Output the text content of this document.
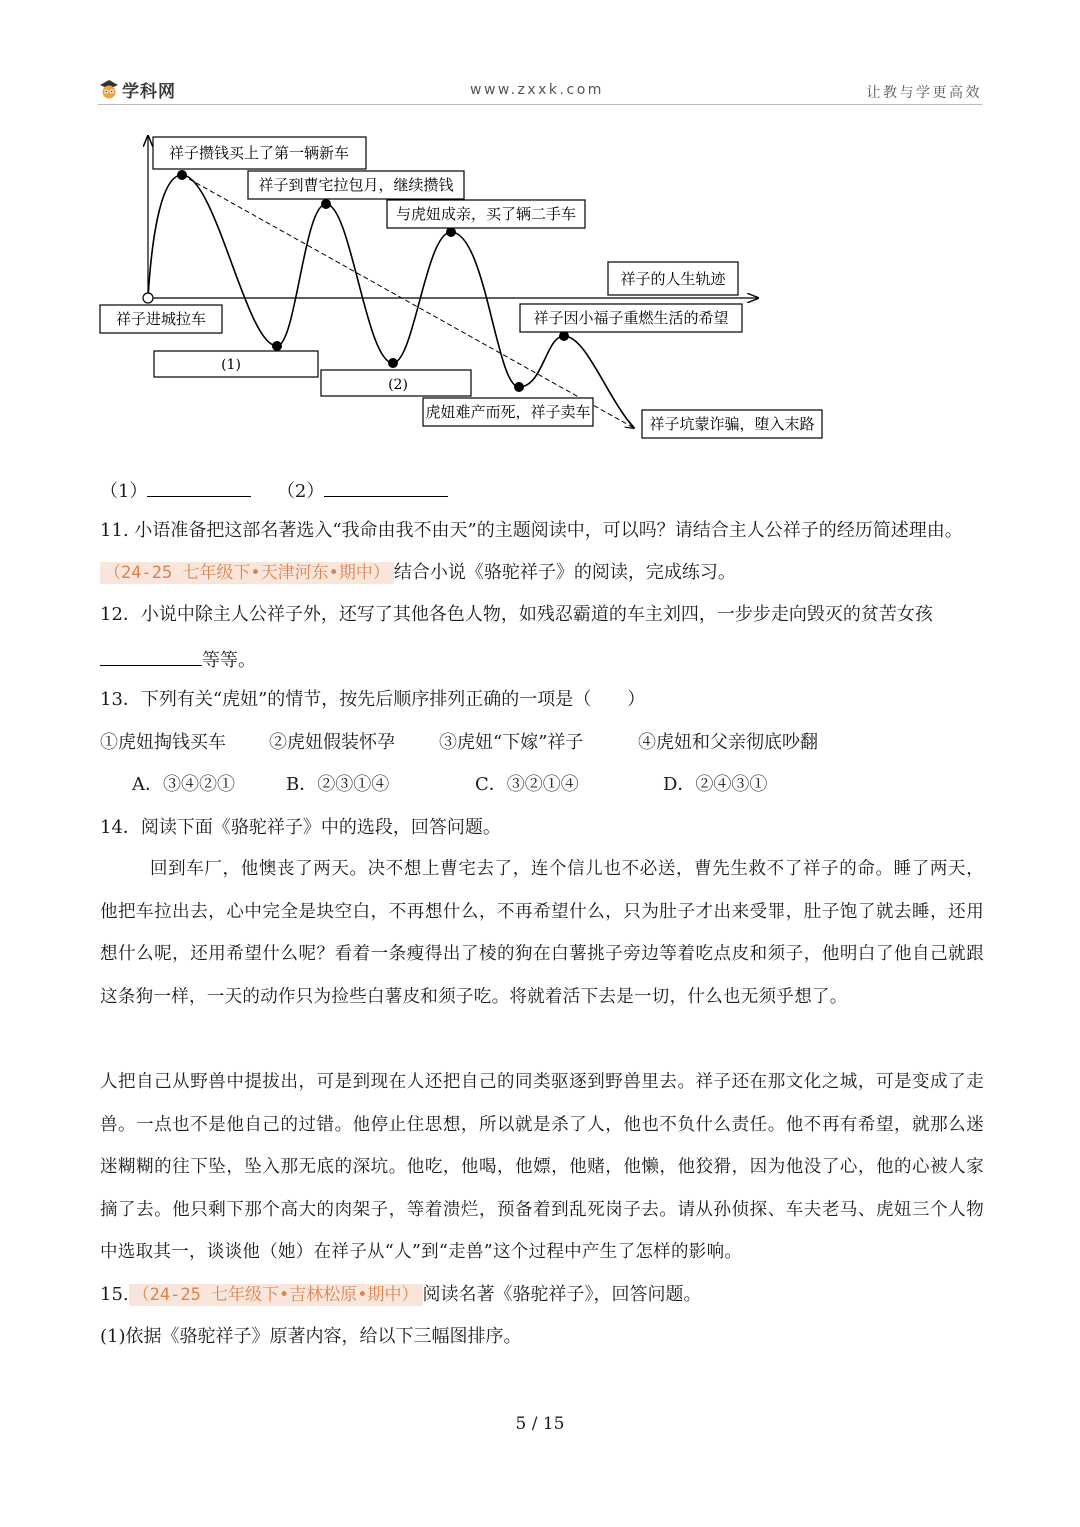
学科网	www.zxxk.com	让教与学更高效
祥子攒钱买上了第一辆新车
祥子到曹宅拉包月，继续攒钱
与虎妞成亲，买了辆二手车
祥子的人生轨迹
祥子进城拉车	祥子因小福子重燃生活的希望
(1)
(2)
虎妞难产而死，祥子卖车
祥子坑蒙诈骗，堕入末路
（1）	（2）
11. 小语准备把这部名著选入“我命由我不由天”的主题阅读中，可以吗？请结合主人公祥子的经历简述理由。
（24-25 七年级下•天津河东•期中） 结合小说《骆驼祥子》的阅读，完成练习。
12．小说中除主人公祥子外，还写了其他各色人物，如残忍霸道的车主刘四，一步步走向毁灭的贫苦女孩
等等。
13．下列有关“虎妞”的情节，按先后顺序排列正确的一项是（　　）
①虎妞掏钱买车 ②虎妞假装怀孕 ③虎妞“下嫁”祥子	④虎妞和父亲彻底吵翻
A．③④②①	B．②③①④	C．③②①④	D．②④③①
14．阅读下面《骆驼祥子》中的选段，回答问题。
回到车厂，他懊丧了两天。决不想上曹宅去了，连个信儿也不必送，曹先生救不了祥子的命。睡了两天，他把车拉出去，心中完全是块空白，不再想什么，不再希望什么，只为肚子才出来受罪，肚子饱了就去睡，还用想什么呢，还用希望什么呢？看着一条瘦得出了棱的狗在白薯挑子旁边等着吃点皮和须子，他明白了他自己就跟这条狗一样，一天的动作只为捡些白薯皮和须子吃。将就着活下去是一切，什么也无须乎想了。
人把自己从野兽中提拔出，可是到现在人还把自己的同类驱逐到野兽里去。祥子还在那文化之城，可是变成了走兽。一点也不是他自己的过错。他停止住思想，所以就是杀了人，他也不负什么责任。他不再有希望，就那么迷迷糊糊的往下坠，坠入那无底的深坑。他吃，他喝，他嫖，他赌，他懒，他狡猾，因为他没了心，他的心被人家摘了去。他只剩下那个高大的肉架子，等着溃烂，预备着到乱死岗子去。请从孙侦探、车夫老马、虎妞三个人物中选取其一，谈谈他（她）在祥子从“人”到“走兽”这个过程中产生了怎样的影响。
15. （24-25 七年级下•吉林松原•期中） 阅读名著《骆驼祥子》，回答问题。
(1)依据《骆驼祥子》原著内容，给以下三幅图排序。
5 / 15
